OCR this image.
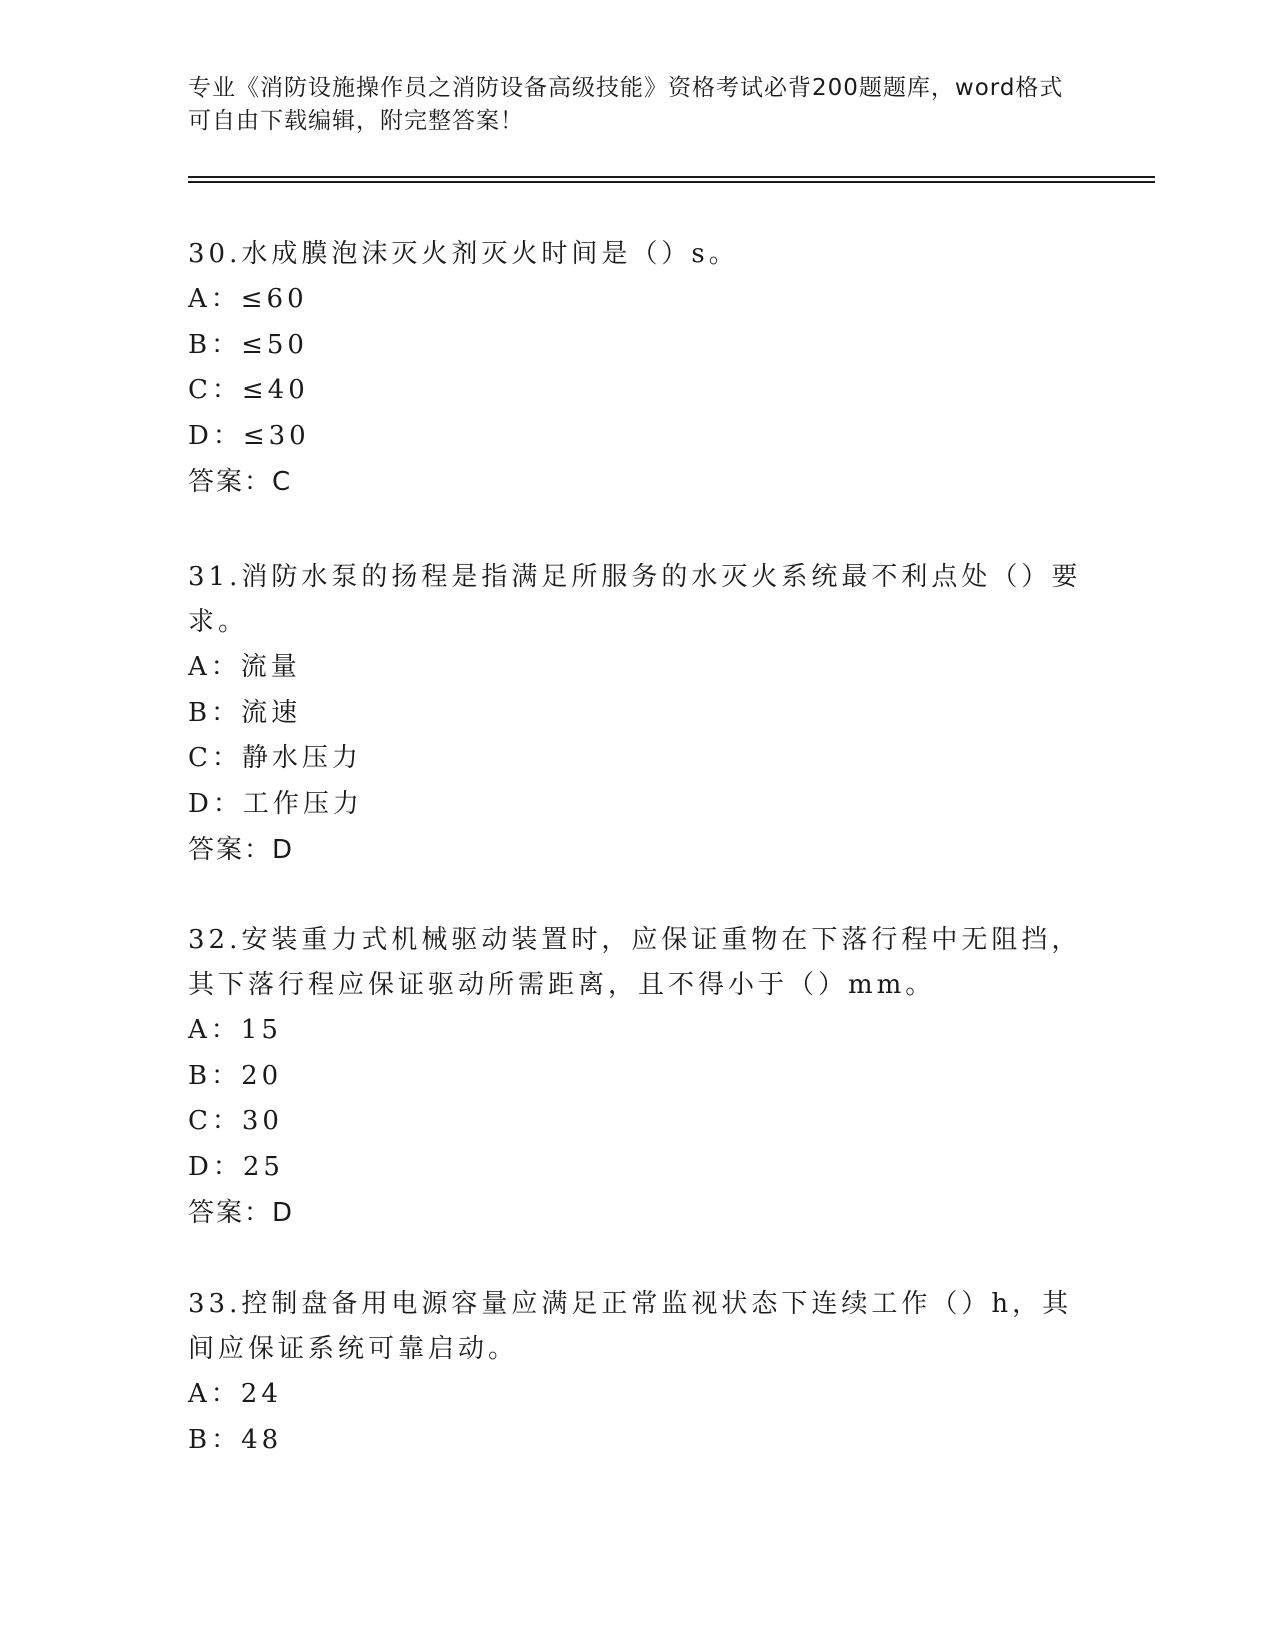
专业《消防设施操作员之消防设备高级技能》资格考试必背200题题库，word格式可自由下载编辑，附完整答案！

30.水成膜泡沫灭火剂灭火时间是（）s。

A：≤60

B：≤50

C：≤40

D：≤30

答案：C

31.消防水泵的扬程是指满足所服务的水灭火系统最不利点处（）要求。

A：流量

B：流速

C：静水压力

D：工作压力

答案：D

32.安装重力式机械驱动装置时，应保证重物在下落行程中无阻挡，其下落行程应保证驱动所需距离，且不得小于（）mm。

A：15

B：20

C：30

D：25

答案：D

33.控制盘备用电源容量应满足正常监视状态下连续工作（）h，其间应保证系统可靠启动。

A：24

B：48
